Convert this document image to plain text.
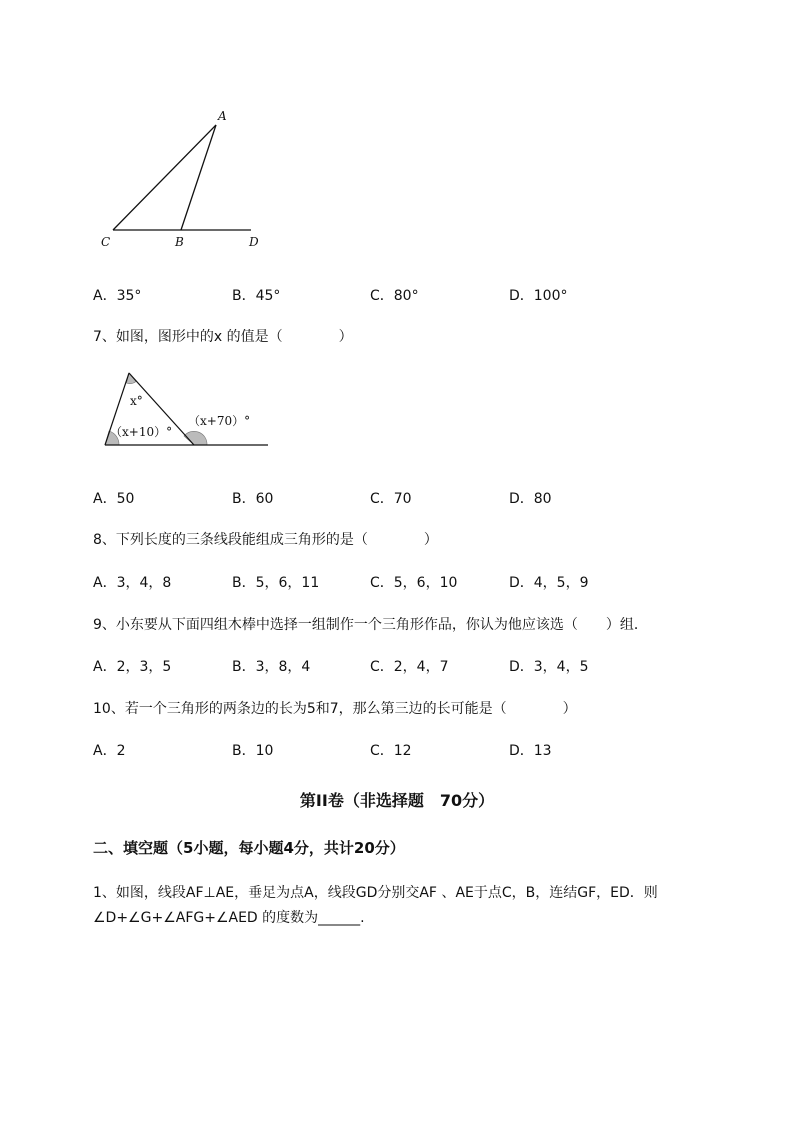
A
C	B	D
A．35°	B．45°	C．80°	D．100°
7、如图，图形中的x 的值是（　　　　）
x°
（x+10）°
（x+70）°
A．50	B．60	C．70	D．80
8、下列长度的三条线段能组成三角形的是（　　　　）
A．3，4，8	B．5，6，11	C．5，6，10	D．4，5，9
9、小东要从下面四组木棒中选择一组制作一个三角形作品，你认为他应该选（　　）组．
A．2，3，5	B．3，8，4	C．2，4，7	D．3，4，5
10、若一个三角形的两条边的长为5和7，那么第三边的长可能是（　　　　）
A．2	B．10	C．12	D．13
第II卷（非选择题　70分）
二、填空题（5小题，每小题4分，共计20分）
1、如图，线段AF⊥AE，垂足为点A，线段GD分别交AF 、AE于点C，B，连结GF，ED．则
∠D+∠G+∠AFG+∠AED 的度数为______.
